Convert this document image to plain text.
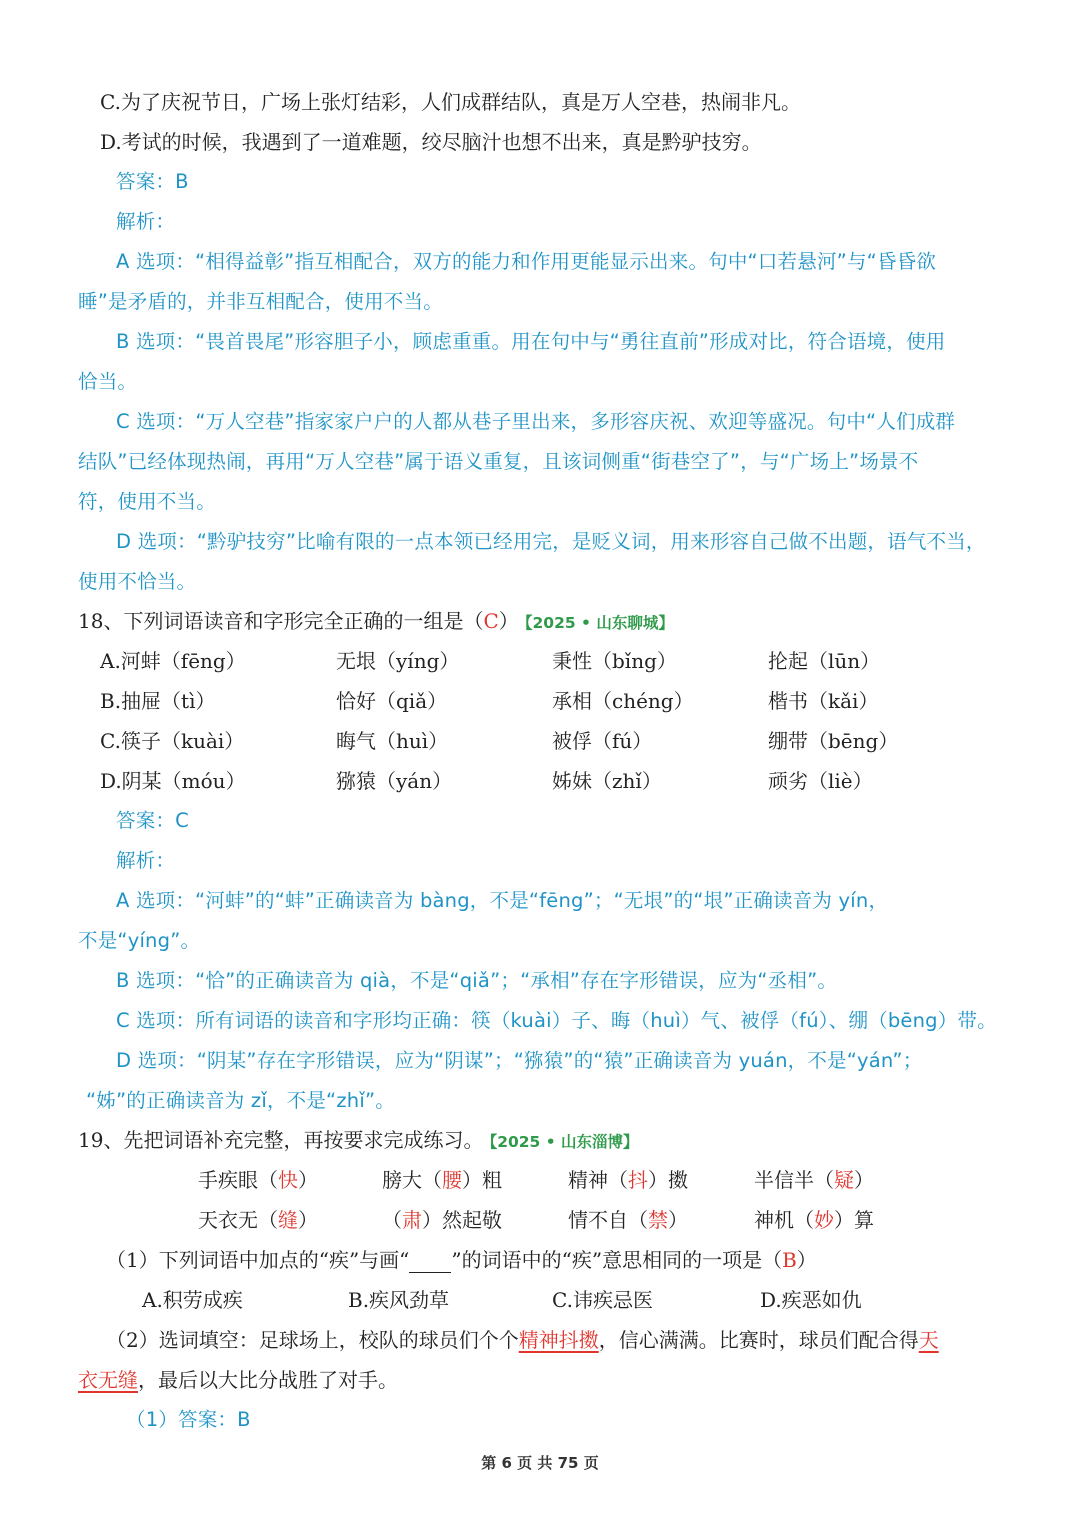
C.为了庆祝节日，广场上张灯结彩，人们成群结队，真是万人空巷，热闹非凡。
D.考试的时候，我遇到了一道难题，绞尽脑汁也想不出来，真是黔驴技穷。
答案：B
解析：
A 选项：“相得益彰”指互相配合，双方的能力和作用更能显示出来。句中“口若悬河”与“昏昏欲
睡”是矛盾的，并非互相配合，使用不当。
B 选项：“畏首畏尾”形容胆子小，顾虑重重。用在句中与“勇往直前”形成对比，符合语境，使用
恰当。
C 选项：“万人空巷”指家家户户的人都从巷子里出来，多形容庆祝、欢迎等盛况。句中“人们成群
结队”已经体现热闹，再用“万人空巷”属于语义重复，且该词侧重“街巷空了”，与“广场上”场景不
符，使用不当。
D 选项：“黔驴技穷”比喻有限的一点本领已经用完，是贬义词，用来形容自己做不出题，语气不当，
使用不恰当。
18、下列词语读音和字形完全正确的一组是（C） 【2025 • 山东聊城】
A.河蚌（fēng）	无垠（yíng）	秉性（bǐng）	抡起（lūn）
B.抽屉（tì）	恰好（qiǎ）	承相（chéng）	楷书（kǎi）
C.筷子（kuài）	晦气（huì）	被俘（fú）	绷带（bēng）
D.阴某（móu）	猕猿（yán）	姊妹（zhǐ）	顽劣（liè）
答案：C
解析：
A 选项：“河蚌”的“蚌”正确读音为 bàng，不是“fēng”；“无垠”的“垠”正确读音为 yín，
不是“yíng”。
B 选项：“恰”的正确读音为 qià，不是“qiǎ”；“承相”存在字形错误，应为“丞相”。
C 选项：所有词语的读音和字形均正确：筷（kuài）子、晦（huì）气、被俘（fú）、绷（bēng）带。
D 选项：“阴某”存在字形错误，应为“阴谋”；“猕猿”的“猿”正确读音为 yuán，不是“yán”；
“姊”的正确读音为 zǐ，不是“zhǐ”。
19、先把词语补充完整，再按要求完成练习。 【2025 • 山东淄博】
手疾眼（快）	膀大（腰）粗	精神（抖）擞	半信半（疑）
天衣无（缝）	（肃）然起敬	情不自（禁）	神机（妙）算
（1）下列词语中加点的“疾”与画“ ”的词语中的“疾”意思相同的一项是（B）
A.积劳成疾	B.疾风劲草	C.讳疾忌医	D.疾恶如仇
（2）选词填空：足球场上，校队的球员们个个精神抖擞，信心满满。比赛时，球员们配合得天
衣无缝，最后以大比分战胜了对手。
（1）答案：B
第 6 页 共 75 页
